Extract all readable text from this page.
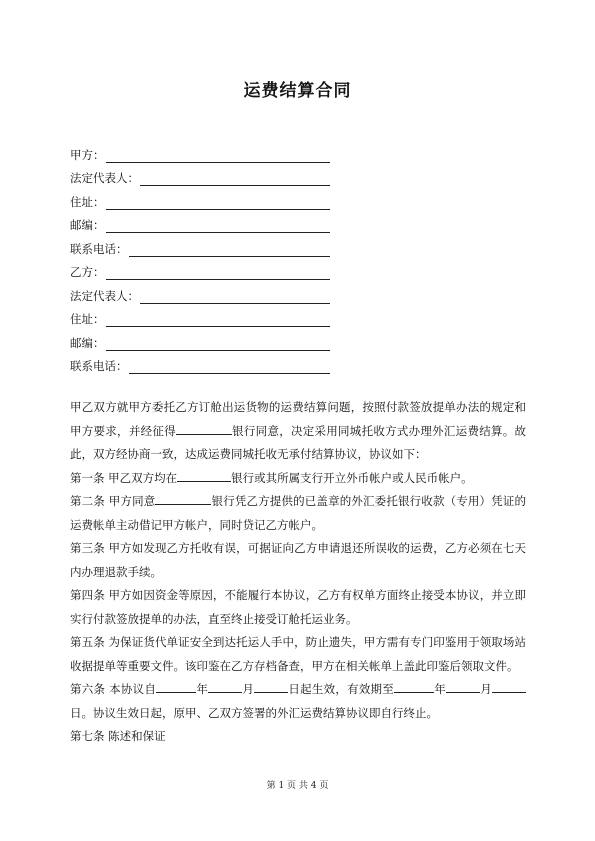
运费结算合同
甲方：
法定代表人：
住址：
邮编：
联系电话：
乙方：
法定代表人：
住址：
邮编：
联系电话：

甲乙双方就甲方委托乙方订舱出运货物的运费结算问题，按照付款签放提单办法的规定和甲方要求，并经征得	银行同意，决定采用同城托收方式办理外汇运费结算。故此，双方经协商一致，达成运费同城托收无承付结算协议，协议如下：

第一条 甲乙双方均在	银行或其所属支行开立外币帐户或人民币帐户。

第二条 甲方同意	银行凭乙方提供的已盖章的外汇委托银行收款（专用）凭证的运费帐单主动借记甲方帐户，同时贷记乙方帐户。

第三条 甲方如发现乙方托收有误，可据证向乙方申请退还所误收的运费，乙方必须在七天内办理退款手续。

第四条 甲方如因资金等原因，不能履行本协议，乙方有权单方面终止接受本协议，并立即实行付款签放提单的办法，直至终止接受订舱托运业务。

第五条 为保证货代单证安全到达托运人手中，防止遗失，甲方需有专门印鉴用于领取场站收据提单等重要文件。该印鉴在乙方存档备查，甲方在相关帐单上盖此印鉴后领取文件。

第六条 本协议自	年	月	日起生效，有效期至	年	月日。协议生效日起，原甲、乙双方签署的外汇运费结算协议即自行终止。

第七条 陈述和保证

第 1 页 共 4 页
